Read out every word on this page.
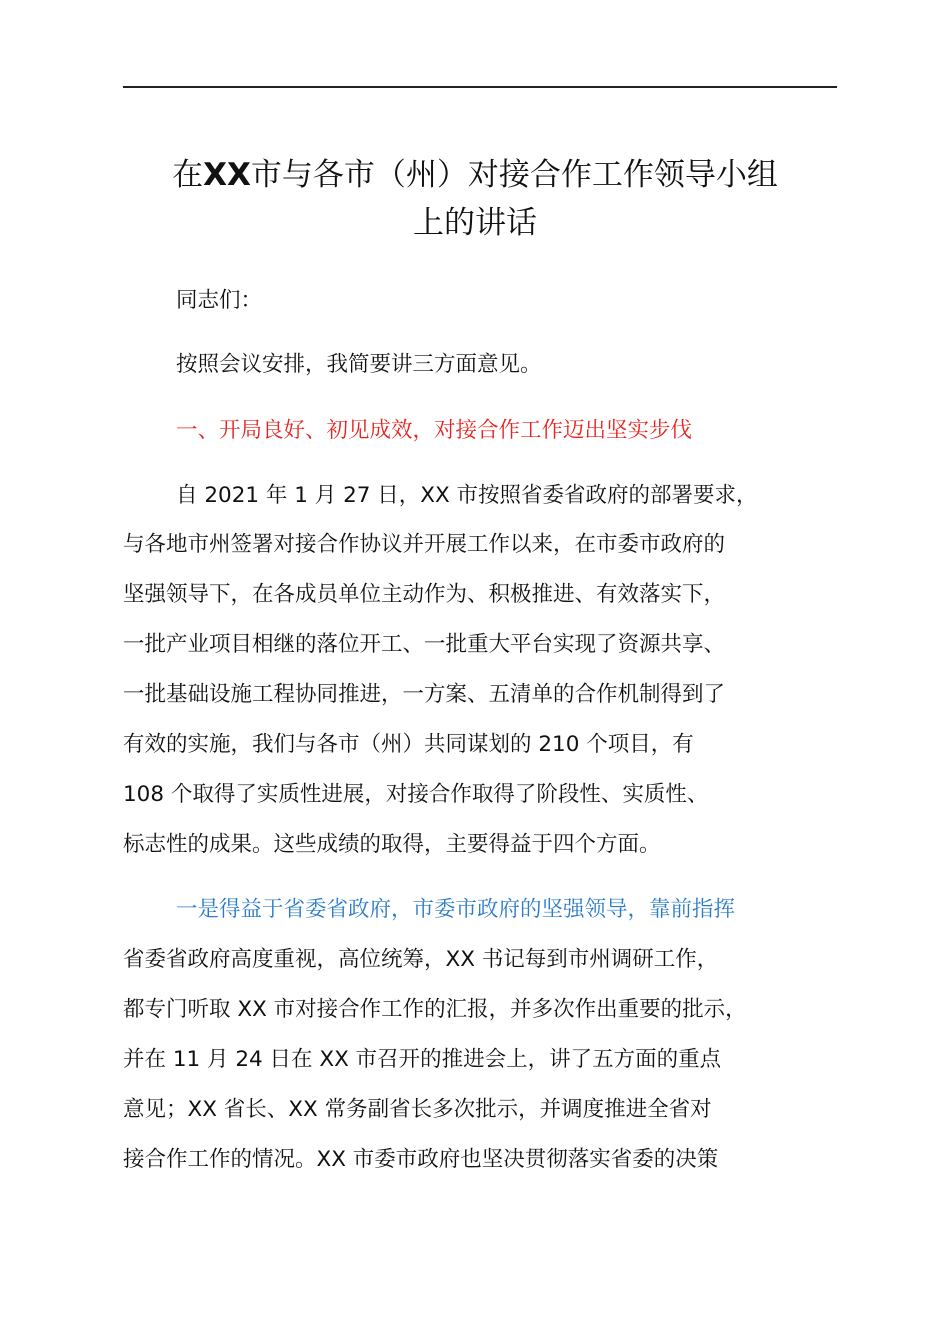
在XX市与各市（州）对接合作工作领导小组
上的讲话
同志们：
按照会议安排，我简要讲三方面意见。
一、开局良好、初见成效，对接合作工作迈出坚实步伐
自 2021 年 1 月 27 日，XX 市按照省委省政府的部署要求，
与各地市州签署对接合作协议并开展工作以来，在市委市政府的
坚强领导下，在各成员单位主动作为、积极推进、有效落实下，
一批产业项目相继的落位开工、一批重大平台实现了资源共享、
一批基础设施工程协同推进，一方案、五清单的合作机制得到了
有效的实施，我们与各市（州）共同谋划的 210 个项目，有
108 个取得了实质性进展，对接合作取得了阶段性、实质性、
标志性的成果。这些成绩的取得，主要得益于四个方面。
一是得益于省委省政府，市委市政府的坚强领导，靠前指挥
省委省政府高度重视，高位统筹，XX 书记每到市州调研工作，
都专门听取 XX 市对接合作工作的汇报，并多次作出重要的批示，
并在 11 月 24 日在 XX 市召开的推进会上，讲了五方面的重点
意见；XX 省长、XX 常务副省长多次批示，并调度推进全省对
接合作工作的情况。XX 市委市政府也坚决贯彻落实省委的决策
